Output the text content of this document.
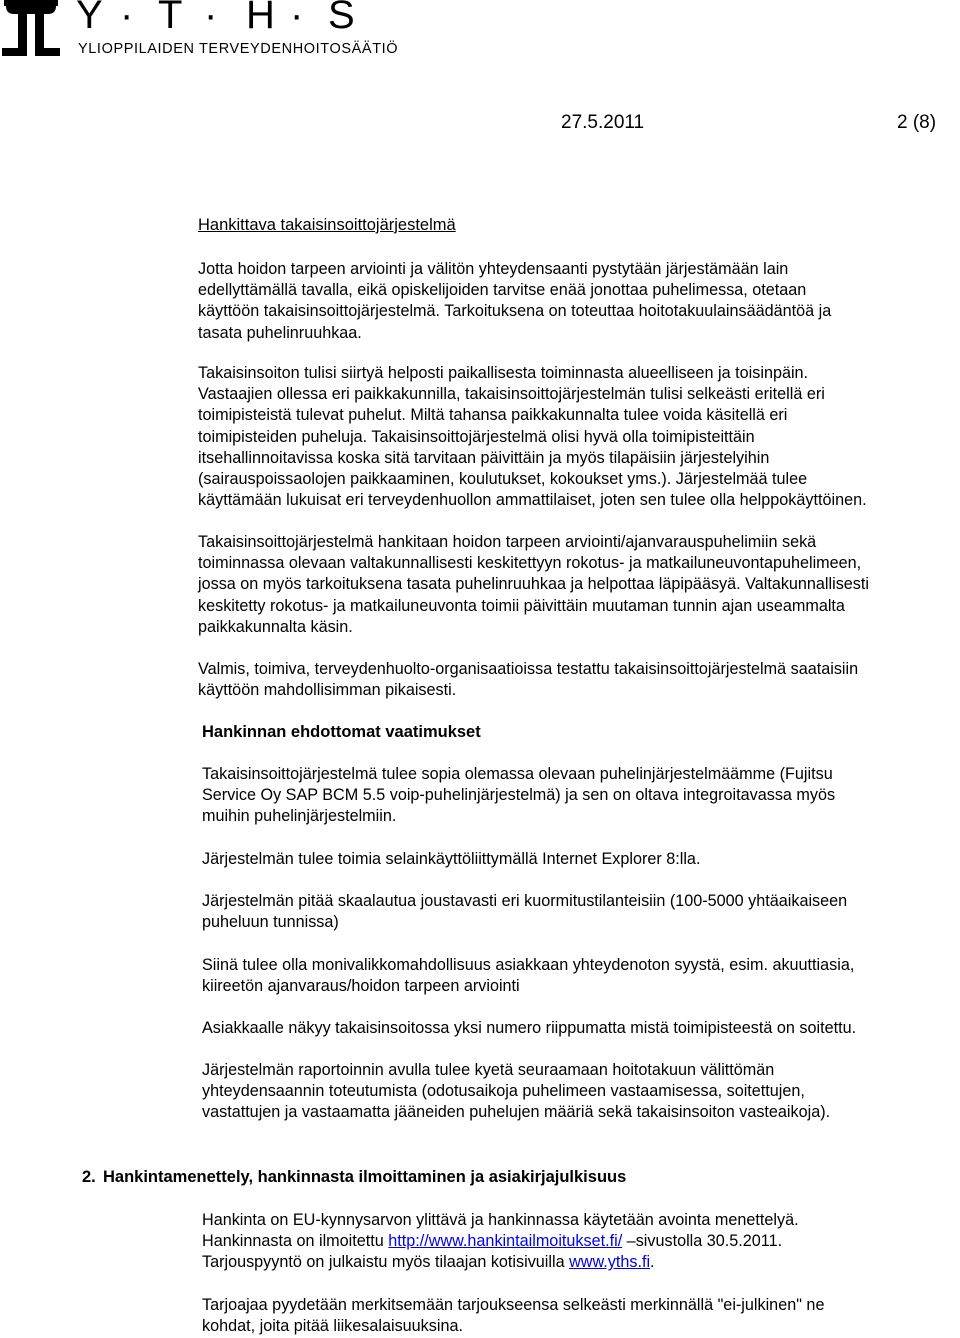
Y · T · H · S
YLIOPPILAIDEN TERVEYDENHOITOSÄÄTIÖ
27.5.2011	2 (8)
Hankittava takaisinsoittojärjestelmä
Jotta hoidon tarpeen arviointi ja välitön yhteydensaanti pystytään järjestämään lain
edellyttämällä tavalla, eikä opiskelijoiden tarvitse enää jonottaa puhelimessa, otetaan
käyttöön takaisinsoittojärjestelmä. Tarkoituksena on toteuttaa hoitotakuulainsäädäntöä ja
tasata puhelinruuhkaa.
Takaisinsoiton tulisi siirtyä helposti paikallisesta toiminnasta alueelliseen ja toisinpäin.
Vastaajien ollessa eri paikkakunnilla, takaisinsoittojärjestelmän tulisi selkeästi eritellä eri
toimipisteistä tulevat puhelut. Miltä tahansa paikkakunnalta tulee voida käsitellä eri
toimipisteiden puheluja. Takaisinsoittojärjestelmä olisi hyvä olla toimipisteittäin
itsehallinnoitavissa koska sitä tarvitaan päivittäin ja myös tilapäisiin järjestelyihin
(sairauspoissaolojen paikkaaminen, koulutukset, kokoukset yms.). Järjestelmää tulee
käyttämään lukuisat eri terveydenhuollon ammattilaiset, joten sen tulee olla helppokäyttöinen.
Takaisinsoittojärjestelmä hankitaan hoidon tarpeen arviointi/ajanvarauspuhelimiin sekä
toiminnassa olevaan valtakunnallisesti keskitettyyn rokotus- ja matkailuneuvontapuhelimeen,
jossa on myös tarkoituksena tasata puhelinruuhkaa ja helpottaa läpipääsyä. Valtakunnallisesti
keskitetty rokotus- ja matkailuneuvonta toimii päivittäin muutaman tunnin ajan useammalta
paikkakunnalta käsin.
Valmis, toimiva, terveydenhuolto-organisaatioissa testattu takaisinsoittojärjestelmä saataisiin
käyttöön mahdollisimman pikaisesti.
Hankinnan ehdottomat vaatimukset
Takaisinsoittojärjestelmä tulee sopia olemassa olevaan puhelinjärjestelmäämme (Fujitsu
Service Oy SAP BCM 5.5 voip-puhelinjärjestelmä) ja sen on oltava integroitavassa myös
muihin puhelinjärjestelmiin.
Järjestelmän tulee toimia selainkäyttöliittymällä Internet Explorer 8:lla.
Järjestelmän pitää skaalautua joustavasti eri kuormitustilanteisiin (100-5000 yhtäaikaiseen
puheluun tunnissa)
Siinä tulee olla monivalikkomahdollisuus asiakkaan yhteydenoton syystä, esim. akuuttiasia,
kiireetön ajanvaraus/hoidon tarpeen arviointi
Asiakkaalle näkyy takaisinsoitossa yksi numero riippumatta mistä toimipisteestä on soitettu.
Järjestelmän raportoinnin avulla tulee kyetä seuraamaan hoitotakuun välittömän
yhteydensaannin toteutumista (odotusaikoja puhelimeen vastaamisessa, soitettujen,
vastattujen ja vastaamatta jääneiden puhelujen määriä sekä takaisinsoiton vasteaikoja).
2. Hankintamenettely, hankinnasta ilmoittaminen ja asiakirjajulkisuus
Hankinta on EU-kynnysarvon ylittävä ja hankinnassa käytetään avointa menettelyä.
Hankinnasta on ilmoitettu http://www.hankintailmoitukset.fi/ –sivustolla 30.5.2011.
Tarjouspyyntö on julkaistu myös tilaajan kotisivuilla www.yths.fi.
Tarjoajaa pyydetään merkitsemään tarjoukseensa selkeästi merkinnällä "ei-julkinen" ne
kohdat, joita pitää liikesalaisuuksina.
